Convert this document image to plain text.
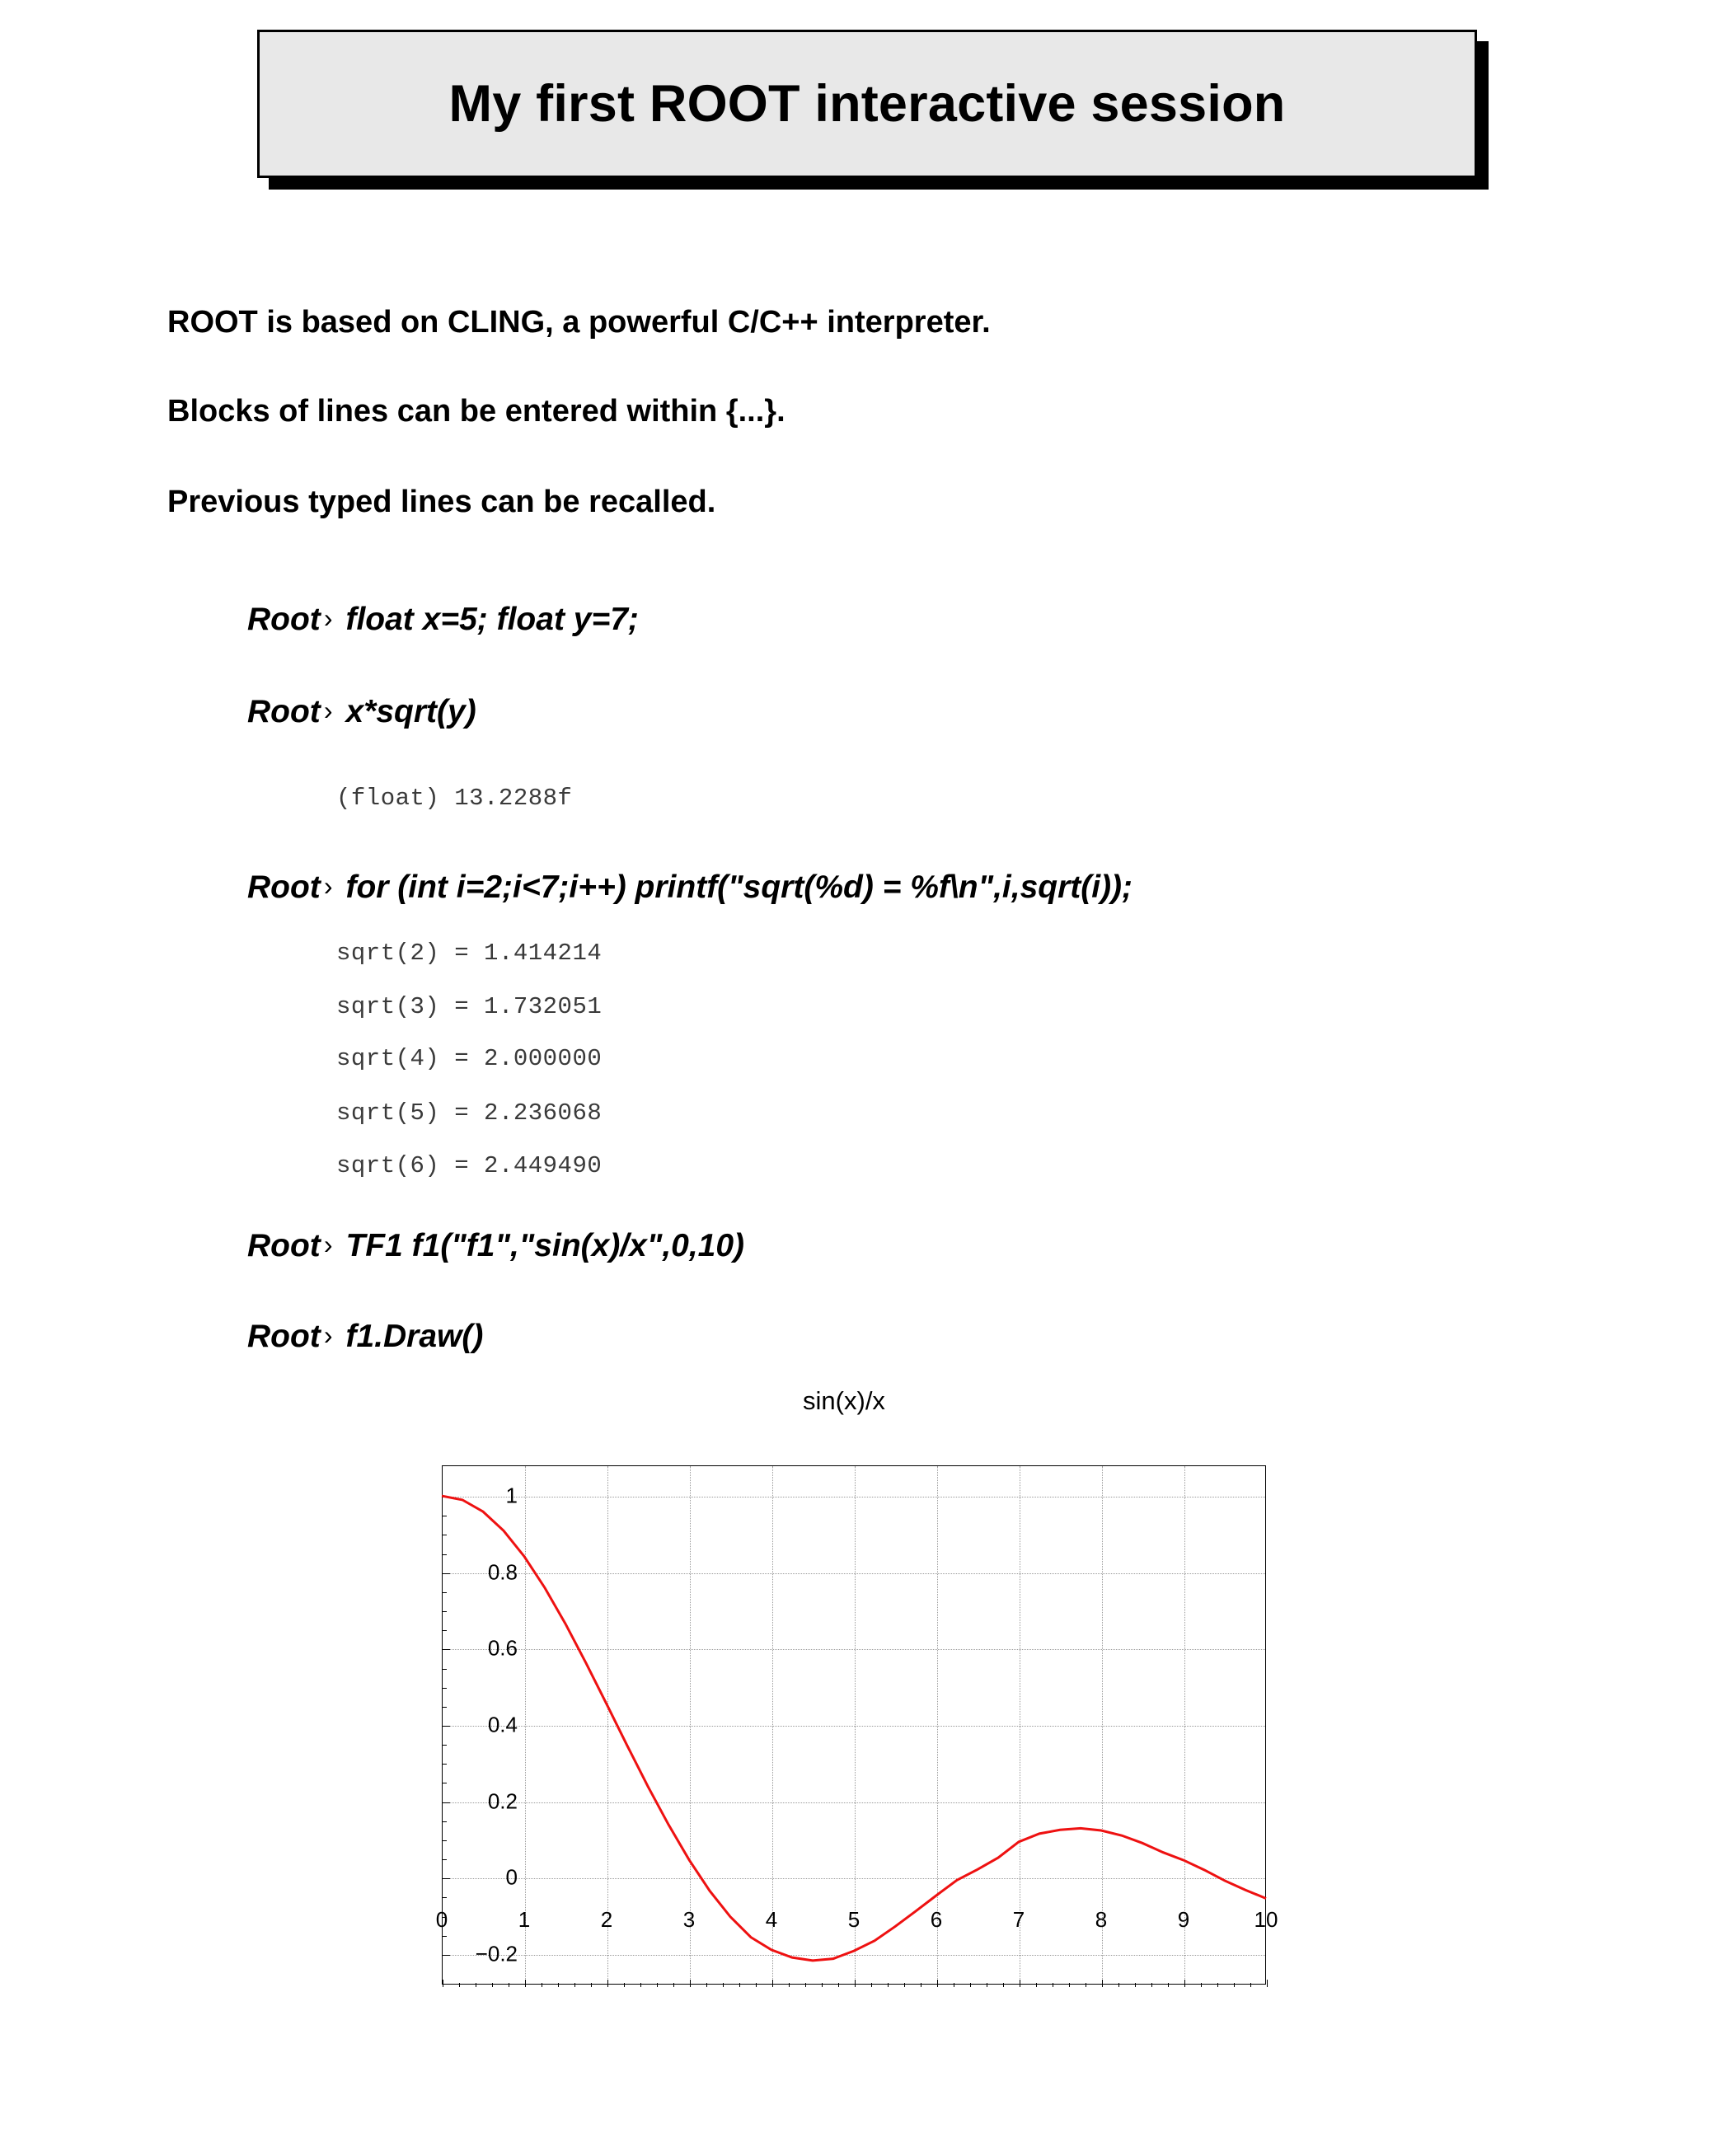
My first ROOT interactive session
ROOT is based on CLING, a powerful C/C++ interpreter.
Blocks of lines can be entered within {...}.
Previous typed lines can be recalled.
Root › float x=5; float y=7;
Root › x*sqrt(y)
(float) 13.2288f
Root › for (int i=2;i<7;i++) printf("sqrt(%d) = %f\n",i,sqrt(i));
sqrt(2) = 1.414214
sqrt(3) = 1.732051
sqrt(4) = 2.000000
sqrt(5) = 2.236068
sqrt(6) = 2.449490
Root › TF1 f1("f1","sin(x)/x",0,10)
Root › f1.Draw()
sin(x)/x
0	1	2	3	4	5	6	7	8	9	10
−0.2
0
0.2
0.4
0.6
0.8
1
